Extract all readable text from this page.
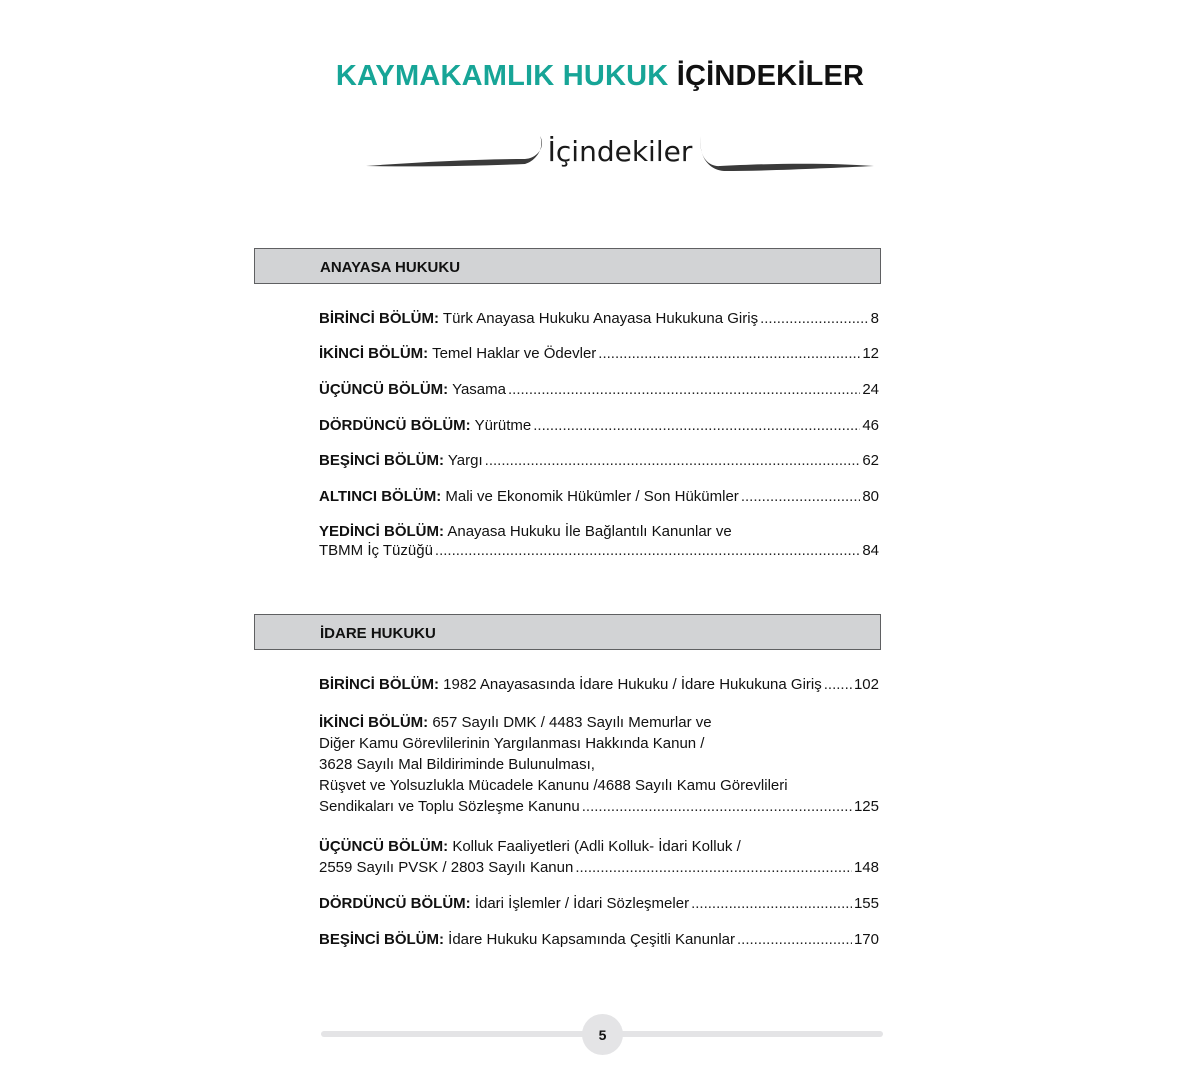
KAYMAKAMLIK HUKUK İÇİNDEKİLER
İçindekiler
ANAYASA HUKUKU
BİRİNCİ BÖLÜM: Türk Anayasa Hukuku Anayasa Hukukuna Giriş .....	8
İKİNCİ BÖLÜM: Temel Haklar ve Ödevler .....	12
ÜÇÜNCÜ BÖLÜM: Yasama .....	24
DÖRDÜNCÜ BÖLÜM: Yürütme .....	46
BEŞİNCİ BÖLÜM: Yargı .....	62
ALTINCI BÖLÜM: Mali ve Ekonomik Hükümler / Son Hükümler .....	80
YEDİNCİ BÖLÜM: Anayasa Hukuku İle Bağlantılı Kanunlar ve
TBMM İç Tüzüğü .....	84
İDARE HUKUKU
BİRİNCİ BÖLÜM: 1982 Anayasasında İdare Hukuku / İdare Hukukuna Giriş ..... 102
İKİNCİ BÖLÜM: 657 Sayılı DMK / 4483 Sayılı Memurlar ve
Diğer Kamu Görevlilerinin Yargılanması Hakkında Kanun /
3628 Sayılı Mal Bildiriminde Bulunulması,
Rüşvet ve Yolsuzlukla Mücadele Kanunu /4688 Sayılı Kamu Görevlileri
Sendikaları ve Toplu Sözleşme Kanunu .....	125
ÜÇÜNCÜ BÖLÜM: Kolluk Faaliyetleri (Adli Kolluk- İdari Kolluk /
2559 Sayılı PVSK / 2803 Sayılı Kanun .....	148
DÖRDÜNCÜ BÖLÜM: İdari İşlemler / İdari Sözleşmeler .....	155
BEŞİNCİ BÖLÜM: İdare Hukuku Kapsamında Çeşitli Kanunlar .....	170
5
